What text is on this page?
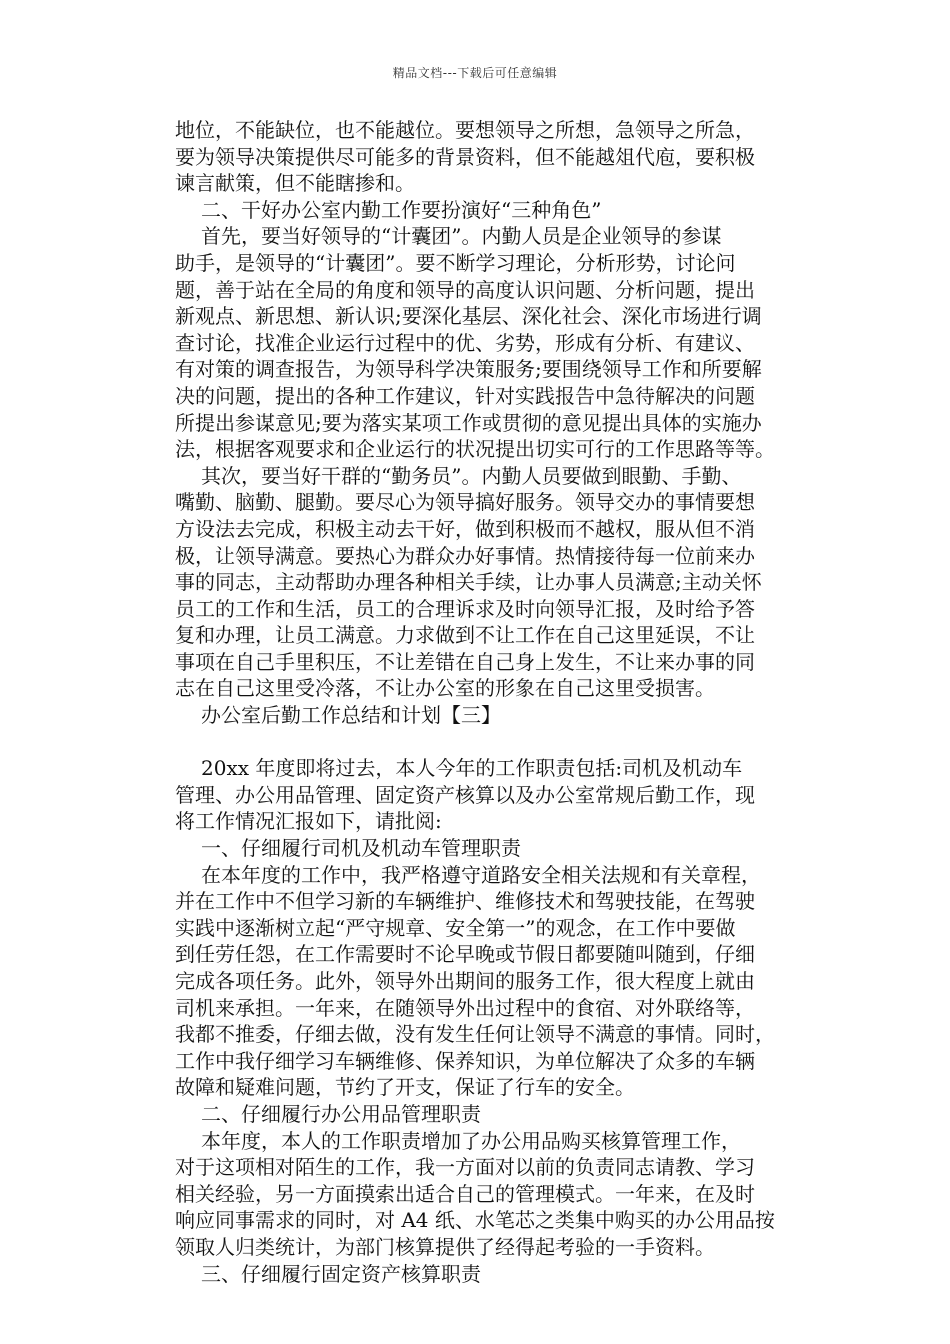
精品文档---下载后可任意编辑
地位，不能缺位，也不能越位。要想领导之所想，急领导之所急，
要为领导决策提供尽可能多的背景资料，但不能越俎代庖，要积极
谏言献策，但不能瞎掺和。
二、干好办公室内勤工作要扮演好“三种角色”
首先，要当好领导的“计囊团”。内勤人员是企业领导的参谋
助手，是领导的“计囊团”。要不断学习理论，分析形势，讨论问
题，善于站在全局的角度和领导的高度认识问题、分析问题，提出
新观点、新思想、新认识;要深化基层、深化社会、深化市场进行调
查讨论，找准企业运行过程中的优、劣势，形成有分析、有建议、
有对策的调查报告，为领导科学决策服务;要围绕领导工作和所要解
决的问题，提出的各种工作建议，针对实践报告中急待解决的问题
所提出参谋意见;要为落实某项工作或贯彻的意见提出具体的实施办
法，根据客观要求和企业运行的状况提出切实可行的工作思路等等。
其次，要当好干群的“勤务员”。内勤人员要做到眼勤、手勤、
嘴勤、脑勤、腿勤。要尽心为领导搞好服务。领导交办的事情要想
方设法去完成，积极主动去干好，做到积极而不越权，服从但不消
极，让领导满意。要热心为群众办好事情。热情接待每一位前来办
事的同志，主动帮助办理各种相关手续，让办事人员满意;主动关怀
员工的工作和生活，员工的合理诉求及时向领导汇报，及时给予答
复和办理，让员工满意。力求做到不让工作在自己这里延误，不让
事项在自己手里积压，不让差错在自己身上发生，不让来办事的同
志在自己这里受冷落，不让办公室的形象在自己这里受损害。
办公室后勤工作总结和计划【三】
20xx 年度即将过去，本人今年的工作职责包括:司机及机动车
管理、办公用品管理、固定资产核算以及办公室常规后勤工作，现
将工作情况汇报如下，请批阅:
一、仔细履行司机及机动车管理职责
在本年度的工作中，我严格遵守道路安全相关法规和有关章程，
并在工作中不但学习新的车辆维护、维修技术和驾驶技能，在驾驶
实践中逐渐树立起“严守规章、安全第一”的观念，在工作中要做
到任劳任怨，在工作需要时不论早晚或节假日都要随叫随到，仔细
完成各项任务。此外，领导外出期间的服务工作，很大程度上就由
司机来承担。一年来，在随领导外出过程中的食宿、对外联络等，
我都不推委，仔细去做，没有发生任何让领导不满意的事情。同时，
工作中我仔细学习车辆维修、保养知识，为单位解决了众多的车辆
故障和疑难问题，节约了开支，保证了行车的安全。
二、仔细履行办公用品管理职责
本年度，本人的工作职责增加了办公用品购买核算管理工作，
对于这项相对陌生的工作，我一方面对以前的负责同志请教、学习
相关经验，另一方面摸索出适合自己的管理模式。一年来，在及时
响应同事需求的同时，对 A4 纸、水笔芯之类集中购买的办公用品按
领取人归类统计，为部门核算提供了经得起考验的一手资料。
三、仔细履行固定资产核算职责
